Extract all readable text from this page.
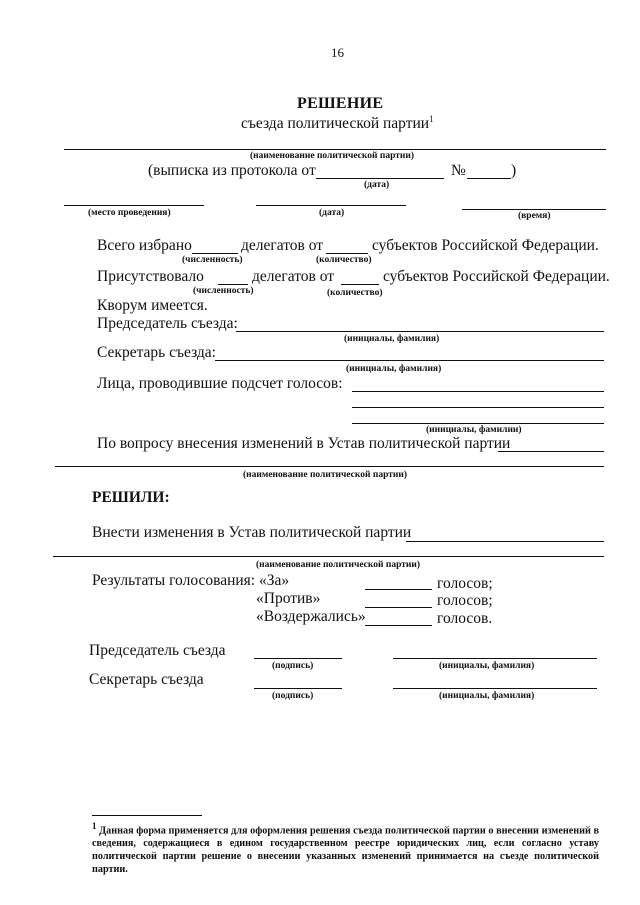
16
РЕШЕНИЕ
съезда политической партии$^1$
(наименование политической партии)
(выписка из протокола от	№	)
(дата)
(место проведения)	(дата)	(время)
Всего избрано	делегатов от	субъектов Российской Федерации.
(численность)	(количество)
Присутствовало	делегатов от	субъектов Российской Федерации.
(численность)	(количество)
Кворум имеется.
Председатель съезда:
(инициалы, фамилия)
Секретарь съезда:
(инициалы, фамилия)
Лица, проводившие подсчет голосов:
(инициалы, фамилии)
По вопросу внесения изменений в Устав политической партии
(наименование политической партии)
РЕШИЛИ:
Внести изменения в Устав политической партии
(наименование политической партии)
Результаты голосования: «За»	голосов;
«Против»	голосов;
«Воздержались»	голосов.
Председатель съезда
(подпись)	(инициалы, фамилия)
Секретарь съезда
(подпись)	(инициалы, фамилия)
$^1$ Данная форма применяется для оформления решения съезда политической партии о внесении изменений в сведения, содержащиеся в едином государственном реестре юридических лиц, если согласно уставу политической партии решение о внесении указанных изменений принимается на съезде политической партии.
